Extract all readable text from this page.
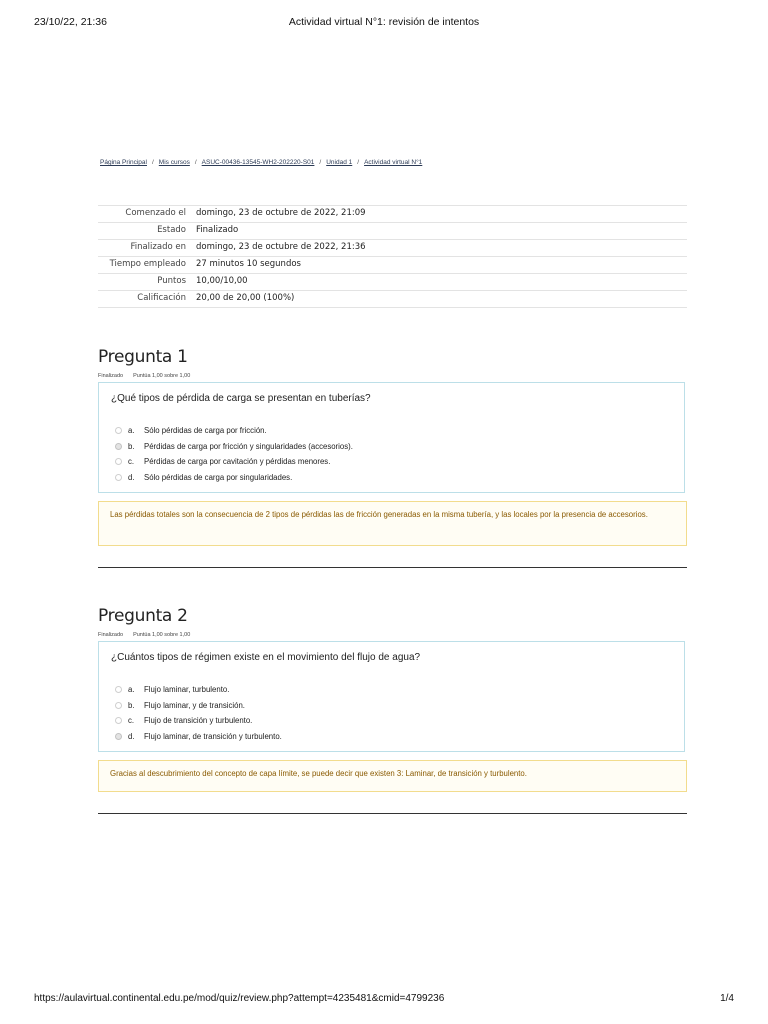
23/10/22, 21:36	Actividad virtual N°1: revisión de intentos
Página Principal / Mis cursos / ASUC-00436-13545-WH2-202220-S01 / Unidad 1 / Actividad virtual N°1
Comenzado el	domingo, 23 de octubre de 2022, 21:09
Estado	Finalizado
Finalizado en	domingo, 23 de octubre de 2022, 21:36
Tiempo empleado	27 minutos 10 segundos
Puntos	10,00/10,00
Calificación	20,00 de 20,00 (100%)
Pregunta 1
Finalizado Puntúa 1,00 sobre 1,00
¿Qué tipos de pérdida de carga se presentan en tuberías?
a.	Sólo pérdidas de carga por fricción.
b.	Pérdidas de carga por fricción y singularidades (accesorios).
c.	Pérdidas de carga por cavitación y pérdidas menores.
d.	Sólo pérdidas de carga por singularidades.
Las pérdidas totales son la consecuencia de 2 tipos de pérdidas las de fricción generadas en la misma tubería, y las locales por la presencia de accesorios.
Pregunta 2
Finalizado Puntúa 1,00 sobre 1,00
¿Cuántos tipos de régimen existe en el movimiento del flujo de agua?
a.	Flujo laminar, turbulento.
b.	Flujo laminar, y de transición.
c.	Flujo de transición y turbulento.
d.	Flujo laminar, de transición y turbulento.
Gracias al descubrimiento del concepto de capa límite, se puede decir que existen 3: Laminar, de transición y turbulento.
https://aulavirtual.continental.edu.pe/mod/quiz/review.php?attempt=4235481&cmid=4799236	1/4
